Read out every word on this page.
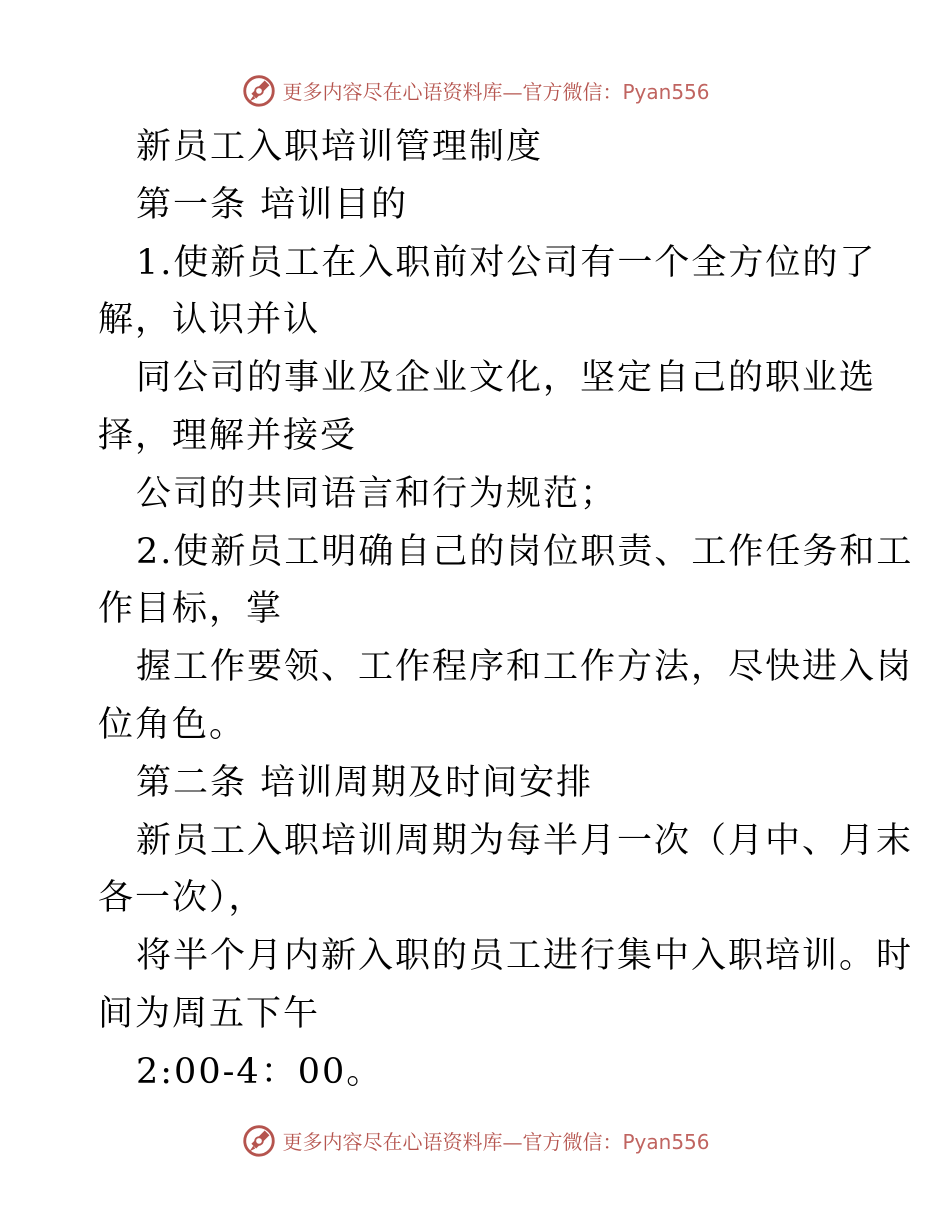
更多内容尽在心语资料库—官方微信：Pyan556
新员工入职培训管理制度
第一条 培训目的
1.使新员工在入职前对公司有一个全方位的了
解，认识并认
同公司的事业及企业文化，坚定自己的职业选
择，理解并接受
公司的共同语言和行为规范；
2.使新员工明确自己的岗位职责、工作任务和工
作目标，掌
握工作要领、工作程序和工作方法，尽快进入岗
位角色。
第二条 培训周期及时间安排
新员工入职培训周期为每半月一次（月中、月末
各一次），
将半个月内新入职的员工进行集中入职培训。时
间为周五下午
2:00-4：00。
更多内容尽在心语资料库—官方微信：Pyan556
